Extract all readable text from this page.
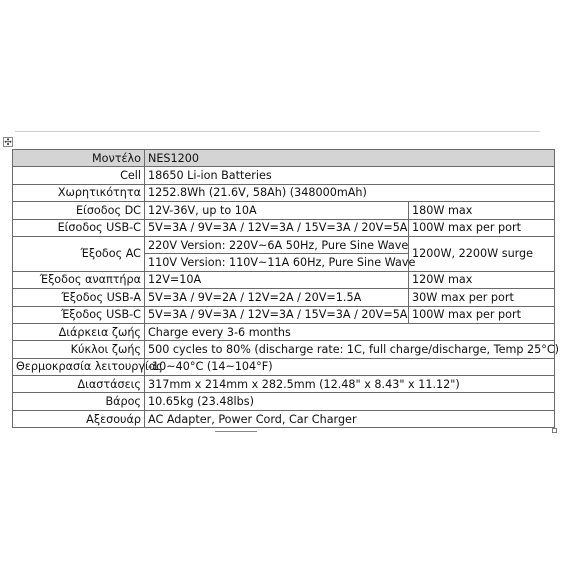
✣
Μοντέλο	NES1200	
Cell	18650 Li-ion Batteries	
Χωρητικότητα	1252.8Wh (21.6V, 58Ah) (348000mAh)	
Είσοδος DC	12V-36V, up to 10A	180W max
Είσοδος USB-C	5V=3A / 9V=3A / 12V=3A / 15V=3A / 20V=5A	100W max per port
Έξοδος AC	220V Version: 220V~6A 50Hz, Pure Sine Wave	1200W, 2200W surge
	110V Version: 110V~11A 60Hz, Pure Sine Wave	
Έξοδος αναπτήρα	12V=10A	120W max
Έξοδος USB-A	5V=3A / 9V=2A / 12V=2A / 20V=1.5A	30W max per port
Έξοδος USB-C	5V=3A / 9V=3A / 12V=3A / 15V=3A / 20V=5A	100W max per port
Διάρκεια ζωής	Charge every 3-6 months	
Κύκλοι ζωής	500 cycles to 80% (discharge rate: 1C, full charge/discharge, Temp 25°C)	
Θερμοκρασία λειτουργίας	-10~40°C (14~104°F)	
Διαστάσεις	317mm x 214mm x 282.5mm (12.48" x 8.43" x 11.12")	
Βάρος	10.65kg (23.48lbs)	
Αξεσουάρ	AC Adapter, Power Cord, Car Charger	
